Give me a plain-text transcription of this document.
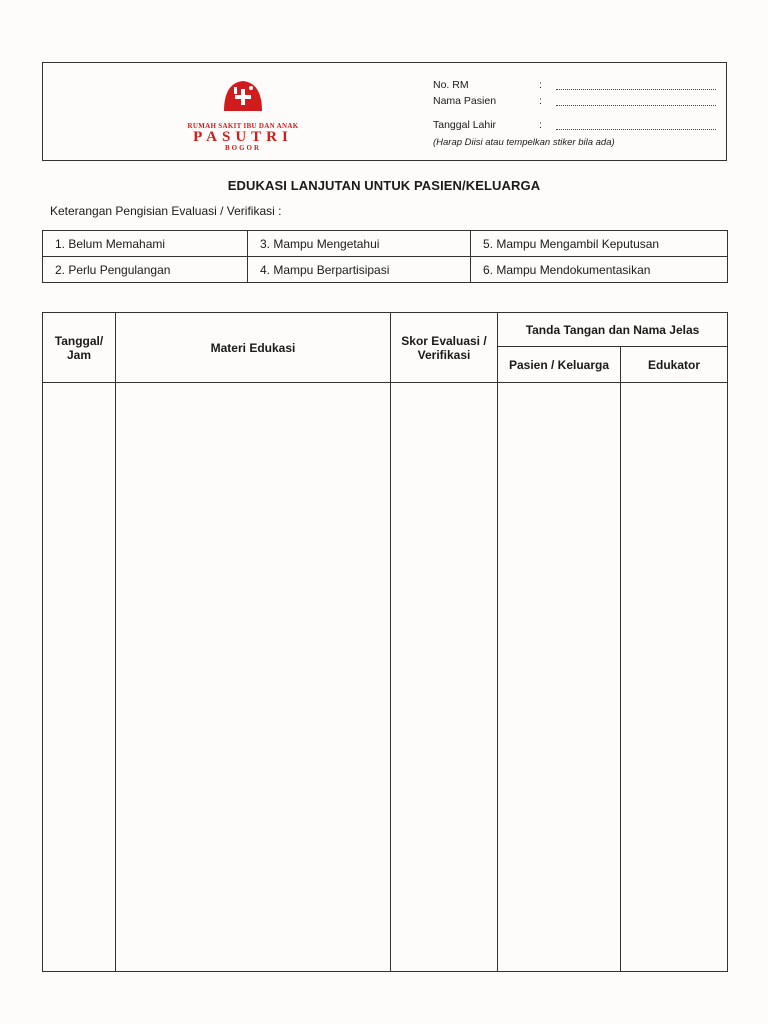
RUMAH SAKIT IBU DAN ANAK
PASUTRI
BOGOR
No. RM	:
Nama Pasien	:
Tanggal Lahir	:
(Harap Diisi atau tempelkan stiker bila ada)
EDUKASI LANJUTAN UNTUK PASIEN/KELUARGA
Keterangan Pengisian Evaluasi / Verifikasi :
1. Belum Memahami	3. Mampu Mengetahui	5. Mampu Mengambil Keputusan
2. Perlu Pengulangan	4. Mampu Berpartisipasi	6. Mampu Mendokumentasikan
Tanggal/ Jam	Materi Edukasi	Skor Evaluasi / Verifikasi	Tanda Tangan dan Nama Jelas	
			Pasien / Keluarga	Edukator
